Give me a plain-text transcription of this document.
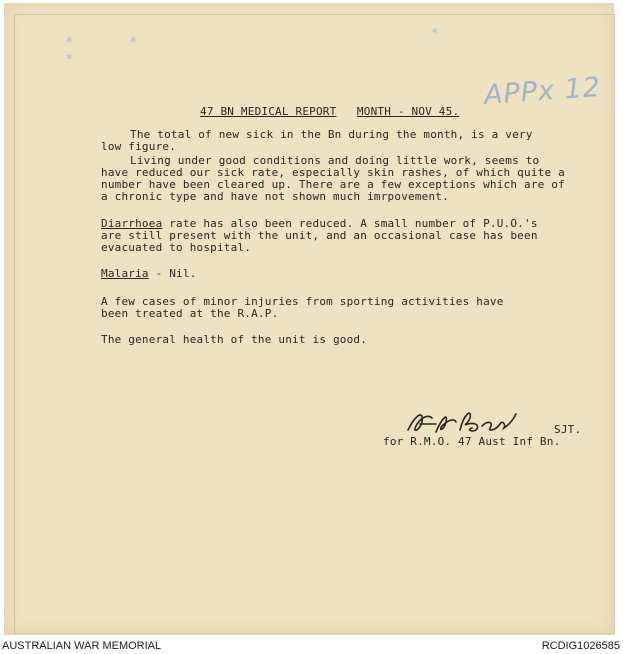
✶	✶
✶
✶
APPx 12
47 BN MEDICAL REPORT MONTH - NOV 45.
The total of new sick in the Bn during the month, is a very
low figure.
Living under good conditions and doing little work, seems to
have reduced our sick rate, especially skin rashes, of which quite a
number have been cleared up. There are a few exceptions which are of
a chronic type and have not shown much imrpovement.
Diarrhoea rate has also been reduced. A small number of P.U.O.'s
are still present with the unit, and an occasional case has been
evacuated to hospital.
Malaria - Nil.
A few cases of minor injuries from sporting activities have
been treated at the R.A.P.
The general health of the unit is good.
SJT.
for R.M.O. 47 Aust Inf Bn.
AUSTRALIAN WAR MEMORIAL	RCDIG1026585
